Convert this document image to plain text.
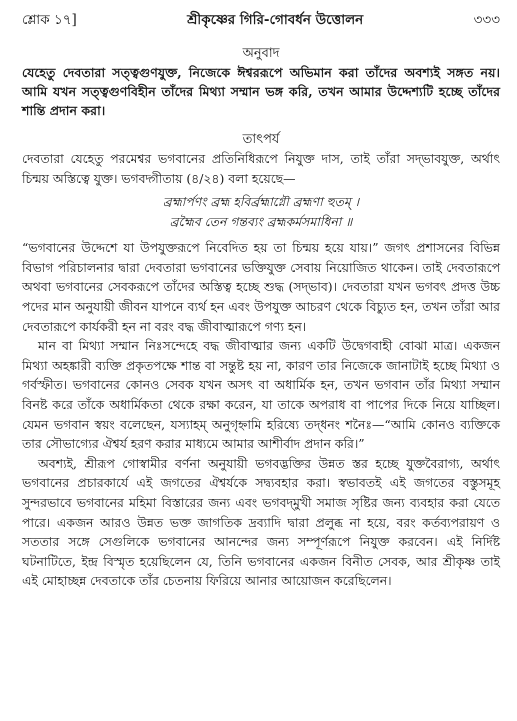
শ্লোক ১৭]	শ্রীকৃষ্ণের গিরি-গোবর্ধন উত্তোলন	৩৩৩
অনুবাদ

যেহেতু দেবতারা সত্ত্বগুণযুক্ত, নিজেকে ঈশ্বররূপে অভিমান করা তাঁদের অবশ্যই সঙ্গত নয়। আমি যখন সত্ত্বগুণবিহীন তাঁদের মিথ্যা সম্মান ভঙ্গ করি, তখন আমার উদ্দেশ্যটি হচ্ছে তাঁদের শান্তি প্রদান করা।

তাৎপর্য

দেবতারা যেহেতু পরমেশ্বর ভগবানের প্রতিনিধিরূপে নিযুক্ত দাস, তাই তাঁরা সদ্‌ভাবযুক্ত, অর্থাৎ চিন্ময় অস্তিত্বে যুক্ত। ভগবদ্গীতায় (৪/২৪) বলা হয়েছে—

ব্রহ্মার্পণং ব্রহ্ম হবির্ব্রহ্মাগ্নৌ ব্রহ্মণা হুতম্ ।
ব্রহ্মৈব তেন গন্তব্যং ব্রহ্মকর্মসমাধিনা ॥

“ভগবানের উদ্দেশে যা উপযুক্তরূপে নিবেদিত হয় তা চিন্ময় হয়ে যায়।” জগৎ প্রশাসনের বিভিন্ন বিভাগ পরিচালনার দ্বারা দেবতারা ভগবানের ভক্তিযুক্ত সেবায় নিয়োজিত থাকেন। তাই দেবতারূপে অথবা ভগবানের সেবকরূপে তাঁদের অস্তিত্ব হচ্ছে শুদ্ধ (সদ্‌ভাব)। দেবতারা যখন ভগবৎ প্রদত্ত উচ্চ পদের মান অনুযায়ী জীবন যাপনে ব্যর্থ হন এবং উপযুক্ত আচরণ থেকে বিচ্যুত হন, তখন তাঁরা আর দেবতারূপে কার্যকরী হন না বরং বদ্ধ জীবাত্মারূপে গণ্য হন।

মান বা মিথ্যা সম্মান নিঃসন্দেহে বদ্ধ জীবাত্মার জন্য একটি উদ্বেগবাহী বোঝা মাত্র। একজন মিথ্যা অহঙ্কারী ব্যক্তি প্রকৃতপক্ষে শান্ত বা সন্তুষ্ট হয় না, কারণ তার নিজেকে জানাটাই হচ্ছে মিথ্যা ও গর্বস্ফীত। ভগবানের কোনও সেবক যখন অসৎ বা অধার্মিক হন, তখন ভগবান তাঁর মিথ্যা সম্মান বিনষ্ট করে তাঁকে অধার্মিকতা থেকে রক্ষা করেন, যা তাকে অপরাধ বা পাপের দিকে নিয়ে যাচ্ছিল। যেমন ভগবান স্বয়ং বলেছেন, যস্যাহম্ অনুগৃহ্নামি হরিষ্যে তদ্‌ধনং শনৈঃ—“আমি কোনও ব্যক্তিকে তার সৌভাগ্যের ঐশ্বর্য হরণ করার মাধ্যমে আমার আশীর্বাদ প্রদান করি।”

অবশ্যই, শ্রীরূপ গোস্বামীর বর্ণনা অনুযায়ী ভগবদ্ভক্তির উন্নত স্তর হচ্ছে যুক্তবৈরাগ্য, অর্থাৎ ভগবানের প্রচারকার্যে এই জগতের ঐশ্বর্যকে সদ্ব্যবহার করা। স্বভাবতই এই জগতের বস্তুসমূহ সুন্দরভাবে ভগবানের মহিমা বিস্তারের জন্য এবং ভগবদ্‌মুখী সমাজ সৃষ্টির জন্য ব্যবহার করা যেতে পারে। একজন আরও উন্নত ভক্ত জাগতিক দ্রব্যাদি দ্বারা প্রলুব্ধ না হয়ে, বরং কর্তব্যপরায়ণ ও সততার সঙ্গে সেগুলিকে ভগবানের আনন্দের জন্য সম্পূর্ণরূপে নিযুক্ত করবেন। এই নির্দিষ্ট ঘটনাটিতে, ইন্দ্র বিস্মৃত হয়েছিলেন যে, তিনি ভগবানের একজন বিনীত সেবক, আর শ্রীকৃষ্ণ তাই এই মোহাচ্ছন্ন দেবতাকে তাঁর চেতনায় ফিরিয়ে আনার আয়োজন করেছিলেন।
